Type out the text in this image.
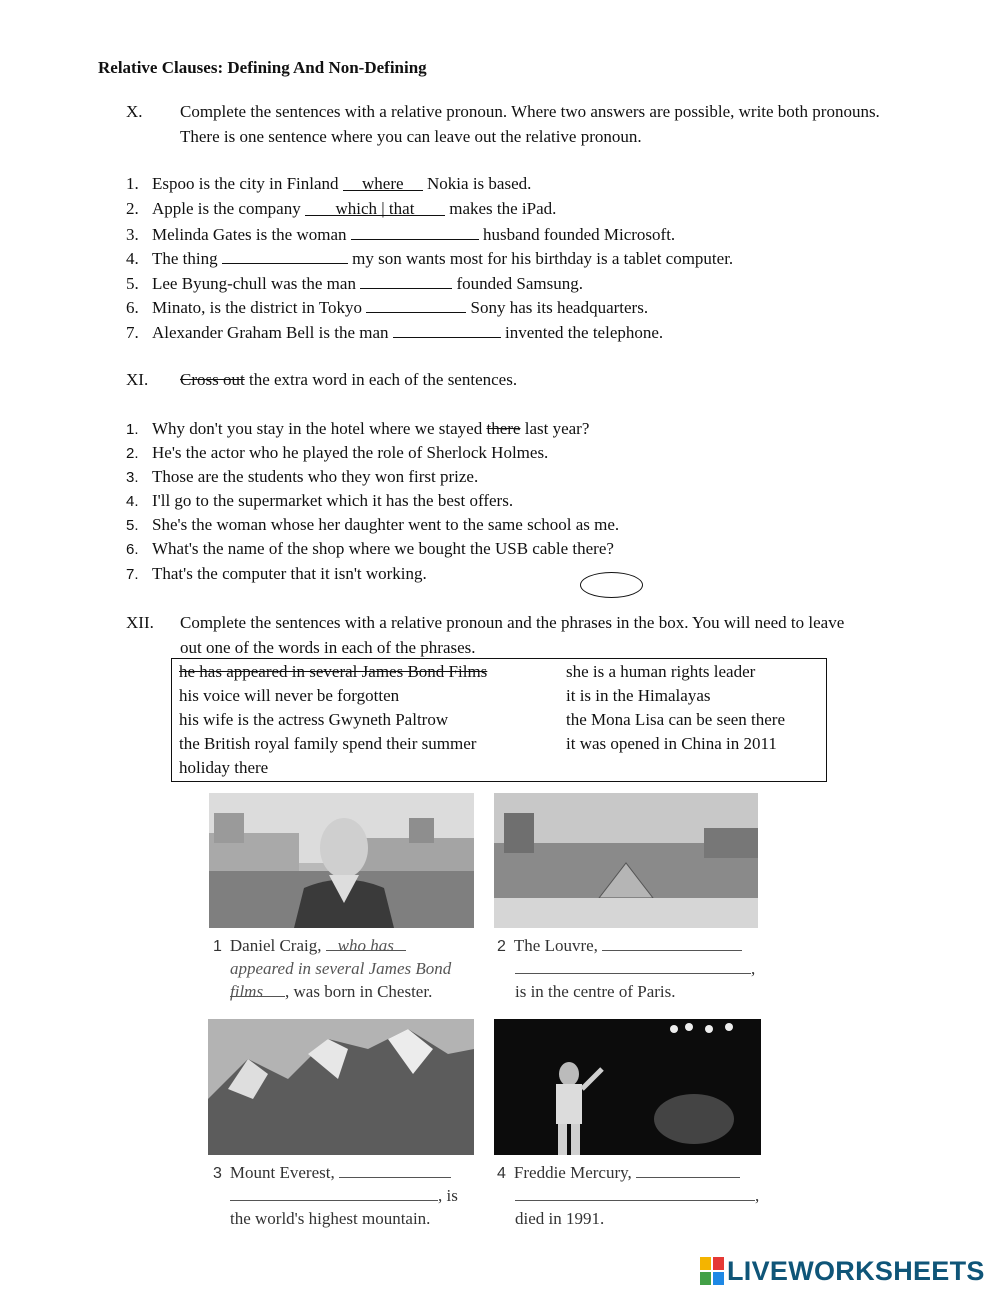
Relative Clauses: Defining And Non-Defining
X. Complete the sentences with a relative pronoun. Where two answers are possible, write both pronouns. There is one sentence where you can leave out the relative pronoun.
1. Espoo is the city in Finland where Nokia is based.
2. Apple is the company which | that makes the iPad.
3. Melinda Gates is the woman	husband founded Microsoft.
4. The thing	my son wants most for his birthday is a tablet computer.
5. Lee Byung-chull was the man	founded Samsung.
6. Minato, is the district in Tokyo	Sony has its headquarters.
7. Alexander Graham Bell is the man	invented the telephone.
XI. Cross out the extra word in each of the sentences.
1. Why don't you stay in the hotel where we stayed there last year?
2. He's the actor who he played the role of Sherlock Holmes.
3. Those are the students who they won first prize.
4. I'll go to the supermarket which it has the best offers.
5. She's the woman whose her daughter went to the same school as me.
6. What's the name of the shop where we bought the USB cable there?
7. That's the computer that it isn't working.
XII. Complete the sentences with a relative pronoun and the phrases in the box. You will need to leave out one of the words in each of the phrases.
he has appeared in several James Bond Films
his voice will never be forgotten
his wife is the actress Gwyneth Paltrow
the British royal family spend their summer
holiday there
she is a human rights leader
it is in the Himalayas
the Mona Lisa can be seen there
it was opened in China in 2011
1 Daniel Craig, who has
appeared in several James Bond
films , was born in Chester.
2 The Louvre,
,
is in the centre of Paris.
3 Mount Everest,
, is
the world's highest mountain.
4 Freddie Mercury,
,
died in 1991.
LIVEWORKSHEETS
